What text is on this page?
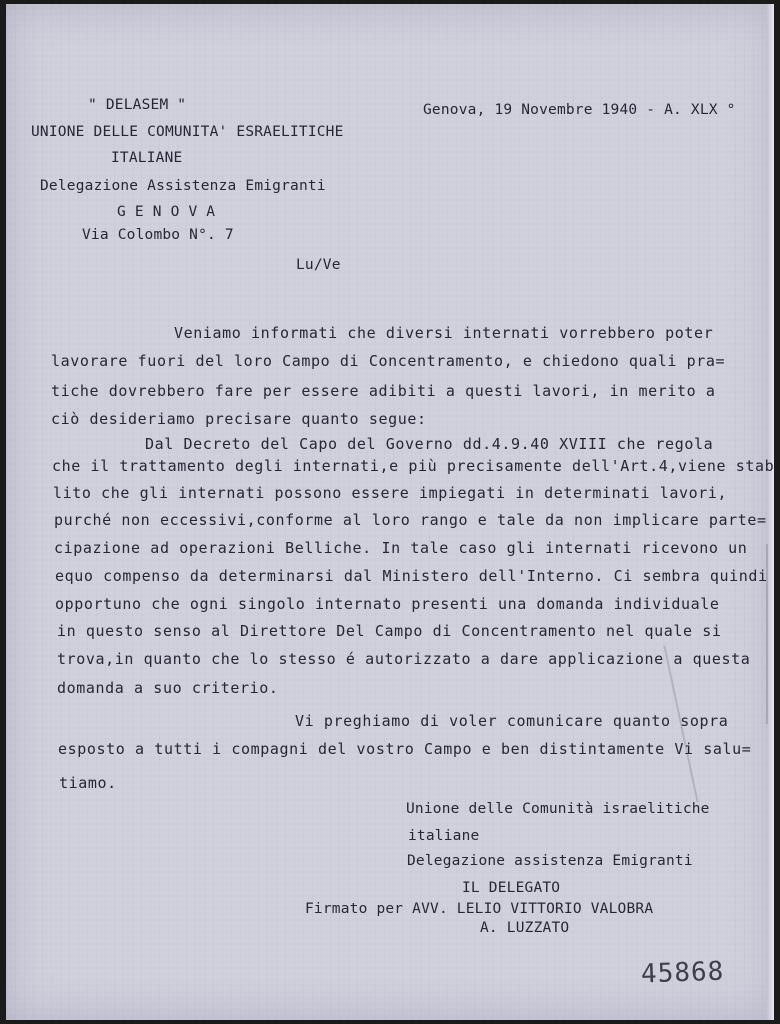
" DELASEM "
UNIONE DELLE COMUNITA' ESRAELITICHE
ITALIANE
Delegazione Assistenza Emigranti
G E N O V A
Via Colombo N°. 7
Genova, 19 Novembre 1940 - A. XLX °
Lu/Ve
Veniamo informati che diversi internati vorrebbero poter
lavorare fuori del loro Campo di Concentramento, e chiedono quali pra=
tiche dovrebbero fare per essere adibiti a questi lavori, in merito a
ciò desideriamo precisare quanto segue:
Dal Decreto del Capo del Governo dd.4.9.40 XVIII che regola
che il trattamento degli internati,e più precisamente dell'Art.4,viene stab
lito che gli internati possono essere impiegati in determinati lavori,
purché non eccessivi,conforme al loro rango e tale da non implicare parte=
cipazione ad operazioni Belliche. In tale caso gli internati ricevono un
equo compenso da determinarsi dal Ministero dell'Interno. Ci sembra quindi
opportuno che ogni singolo internato presenti una domanda individuale
in questo senso al Direttore Del Campo di Concentramento nel quale si
trova,in quanto che lo stesso é autorizzato a dare applicazione a questa
domanda a suo criterio.
Vi preghiamo di voler comunicare quanto sopra
esposto a tutti i compagni del vostro Campo e ben distintamente Vi salu=
tiamo.
Unione delle Comunità israelitiche
italiane
Delegazione assistenza Emigranti
IL DELEGATO
Firmato per AVV. LELIO VITTORIO VALOBRA
A. LUZZATO
45868
